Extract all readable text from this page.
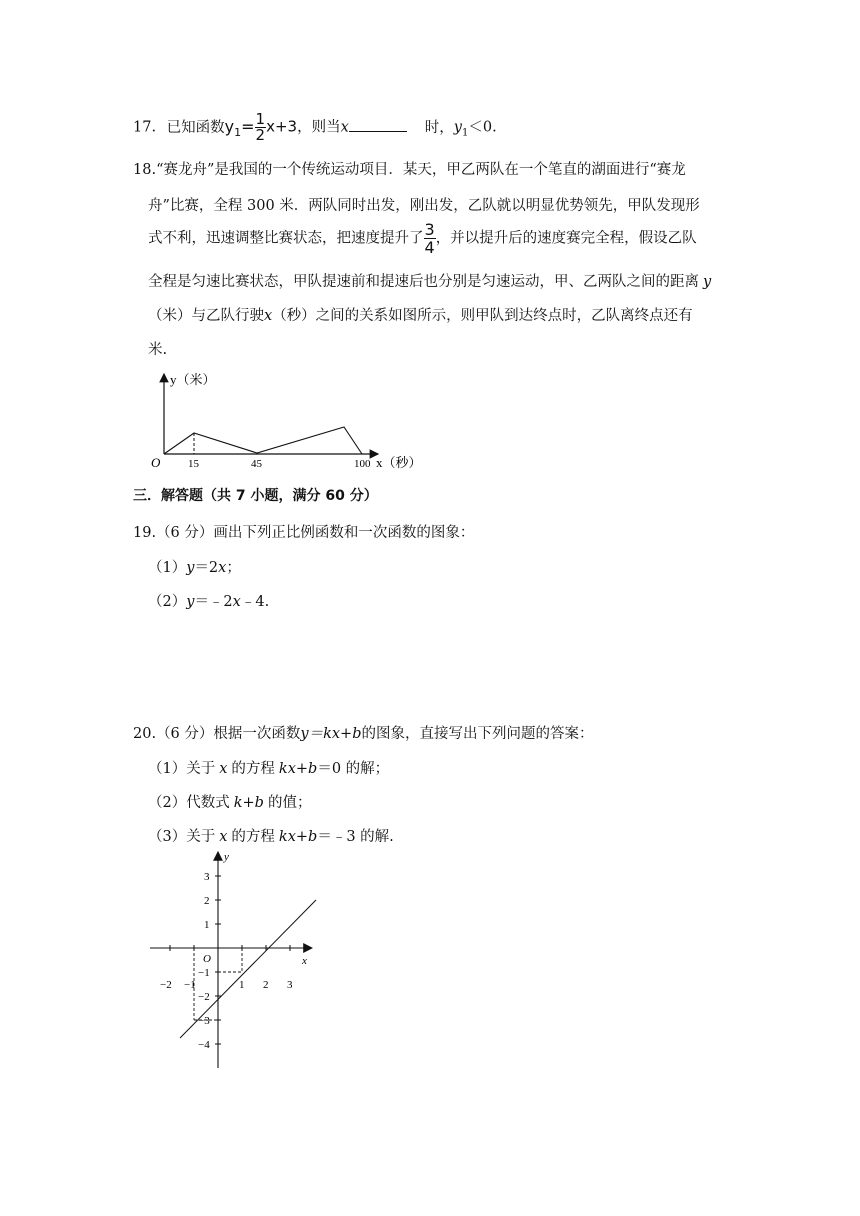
17. 已知函数$y_1= \frac{1}{2} x+3$，则当x	时，$y_1<0$.
18.“赛龙舟”是我国的一个传统运动项目．某天，甲乙两队在一个笔直的湖面进行“赛龙
舟”比赛，全程 300 米．两队同时出发，刚出发，乙队就以明显优势领先，甲队发现形
式不利，迅速调整比赛状态，把速度提升了 $\frac{3}{4}$ ，并以提升后的速度赛完全程，假设乙队
全程是匀速比赛状态，甲队提速前和提速后也分别是匀速运动，甲、乙两队之间的距离 y
（米）与乙队行驶x（秒）之间的关系如图所示，则甲队到达终点时，乙队离终点还有
米.
y（米）
O	15	45	100 x（秒）
三．解答题（共 7 小题，满分 60 分）
19.（6 分）画出下列正比例函数和一次函数的图象：
（1）y＝2x；
（2）y＝﹣2x﹣4.
20.（6 分）根据一次函数y＝kx+b的图象，直接写出下列问题的答案：
（1）关于 x 的方程 kx+b＝0 的解；
（2）代数式 k+b 的值；
（3）关于 x 的方程 kx+b＝﹣3 的解.
x
y
O
−2 −1	1 2 3
3
2
1
−1
−2
−3
−4
